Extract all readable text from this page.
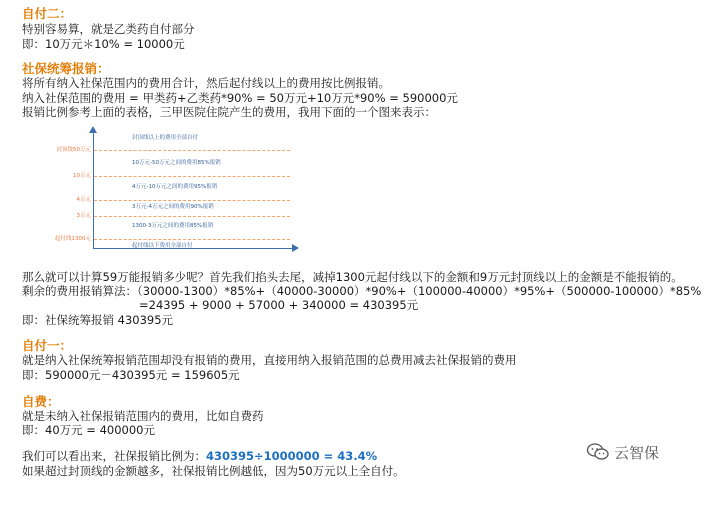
自付二：
特别容易算，就是乙类药自付部分
即：10万元＊10% = 10000元
社保统筹报销：
将所有纳入社保范围内的费用合计，然后起付线以上的费用按比例报销。
纳入社保范围的费用 = 甲类药+乙类药*90% = 50万元+10万元*90% = 590000元
报销比例参考上面的表格，三甲医院住院产生的费用，我用下面的一个图来表示：
封顶线50万元
10万元
4万元
3万元
起付线1300元
封顶线以上的费用全部自付
10万元-50万元之间的费用85%报销
4万元-10万元之间的费用95%报销
3万元-4万元之间的费用90%报销
1300-3万元之间的费用85%报销
起付线以下费用全部自付
那么就可以计算59万能报销多少呢？首先我们掐头去尾，减掉1300元起付线以下的金额和9万元封顶线以上的金额是不能报销的。
剩余的费用报销算法：（30000-1300）*85%+（40000-30000）*90%+（100000-40000）*95%+（500000-100000）*85%
=24395 + 9000 + 57000 + 340000 = 430395元
即：社保统筹报销 430395元
自付一：
就是纳入社保统筹报销范围却没有报销的费用，直接用纳入报销范围的总费用减去社保报销的费用
即：590000元－430395元 = 159605元
自费：
就是未纳入社保报销范围内的费用，比如自费药
即：40万元 = 400000元
我们可以看出来，社保报销比例为：430395÷1000000 = 43.4%
如果超过封顶线的金额越多，社保报销比例越低，因为50万元以上全自付。
云智保
